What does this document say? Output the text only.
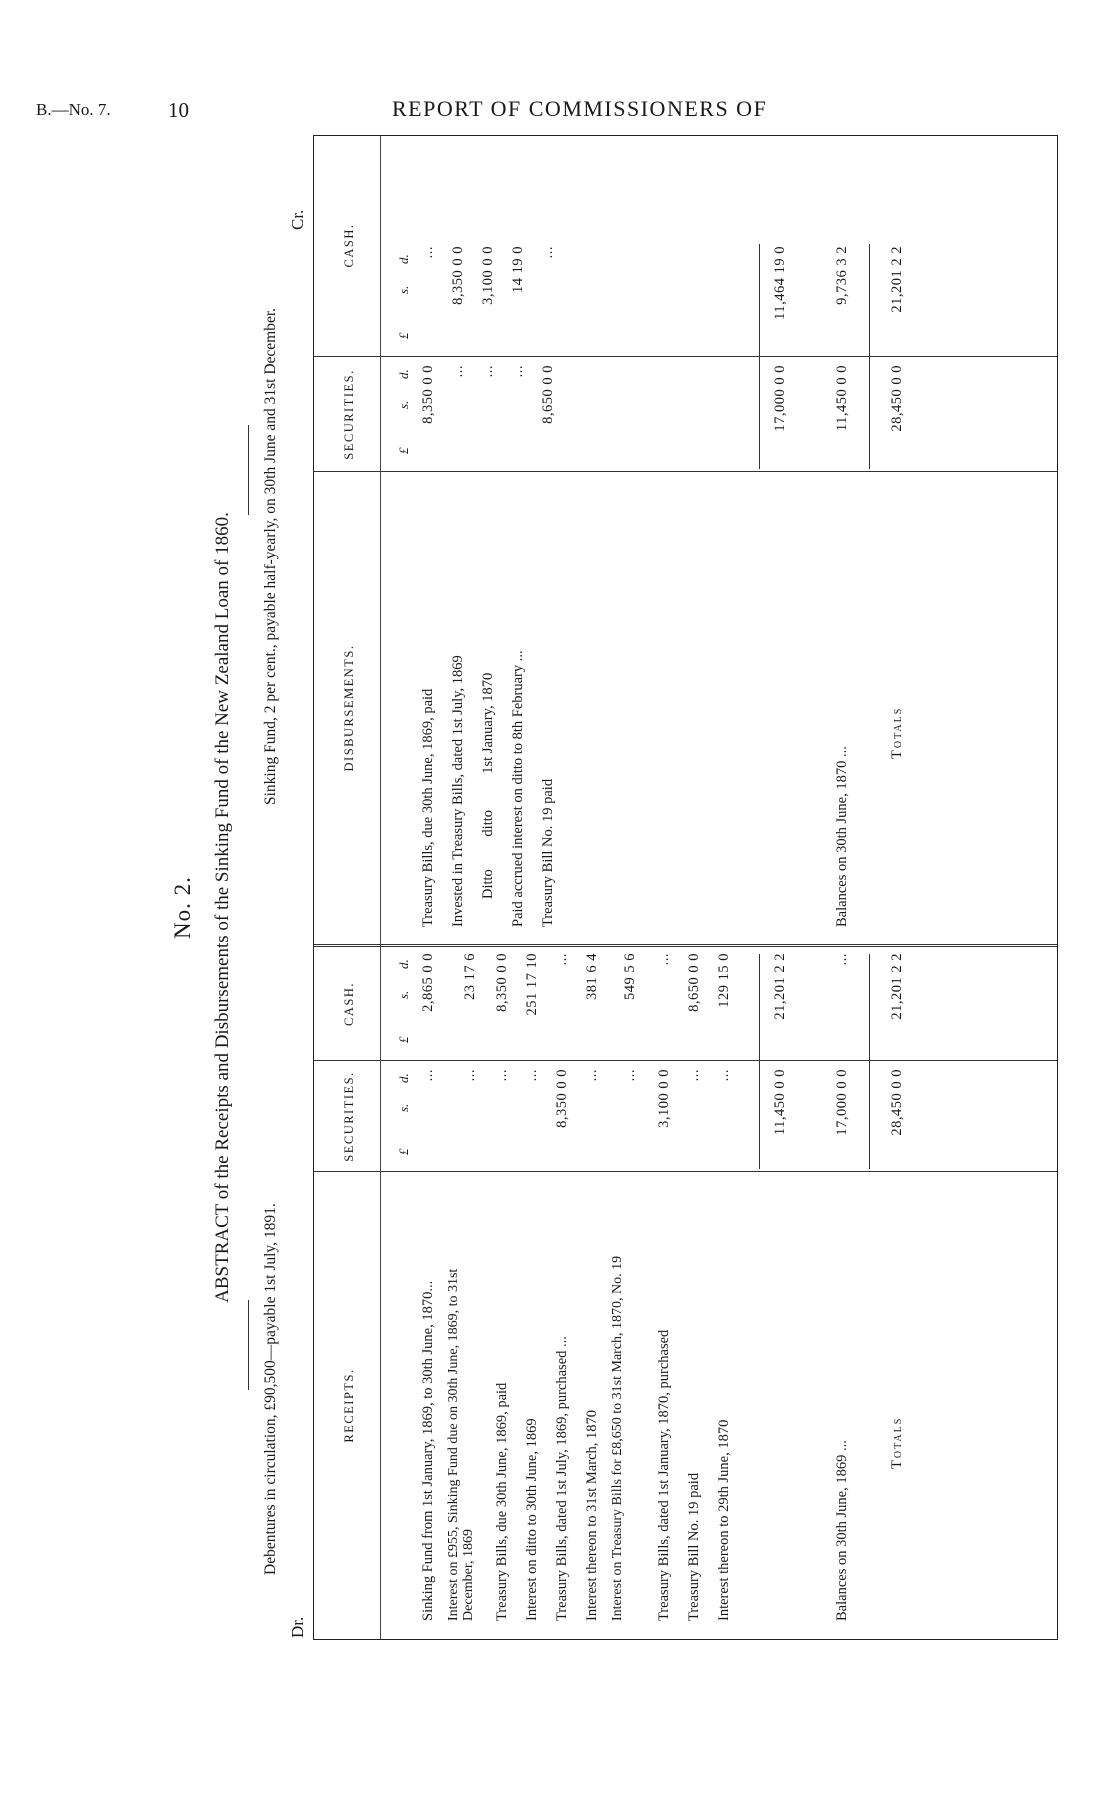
B.—No. 7.	10	REPORT OF COMMISSIONERS OF
No. 2. ABSTRACT of the Receipts and Disbursements of the Sinking Fund of the New Zealand Loan of 1860.
Debentures in circulation, £90,500—payable 1st July, 1891.
Sinking Fund, 2 per cent., payable half-yearly, on 30th June and 31st December.
Dr.
Cr.
RECEIPTS.
SECURITIES.
CASH.
DISBURSEMENTS.
SECURITIES.
CASH.
£
s.
d.
£
s.
d.
£
s.
d.
£
s.
d.
Sinking Fund from 1st January, 1869, to 30th June, 1870...
...
2,865 0 0
Interest on £955, Sinking Fund due on 30th June, 1869, to 31st December, 1869
...
23 17 6
Treasury Bills, due 30th June, 1869, paid
...
8,350 0 0
Interest on ditto to 30th June, 1869
...
251 17 10
Treasury Bills, dated 1st July, 1869, purchased ...
8,350 0 0
...
Interest thereon to 31st March, 1870
...
381 6 4
Interest on Treasury Bills for £8,650 to 31st March, 1870, No. 19
...
549 5 6
Treasury Bills, dated 1st January, 1870, purchased
3,100 0 0
...
Treasury Bill No. 19 paid
...
8,650 0 0
Interest thereon to 29th June, 1870
...
129 15 0
11,450 0 0
21,201 2 2
Balances on 30th June, 1869 ...
17,000 0 0
...
Totals
28,450 0 0
21,201 2 2
Treasury Bills, due 30th June, 1869, paid
8,350 0 0
...
Invested in Treasury Bills, dated 1st July, 1869
...
8,350 0 0
Ditto         ditto          1st January, 1870
...
3,100 0 0
Paid accrued interest on ditto to 8th February ...
...
14 19 0
Treasury Bill No. 19 paid
8,650 0 0
...
17,000 0 0
11,464 19 0
Balances on 30th June, 1870 ...
11,450 0 0
9,736 3 2
Totals
28,450 0 0
21,201 2 2
